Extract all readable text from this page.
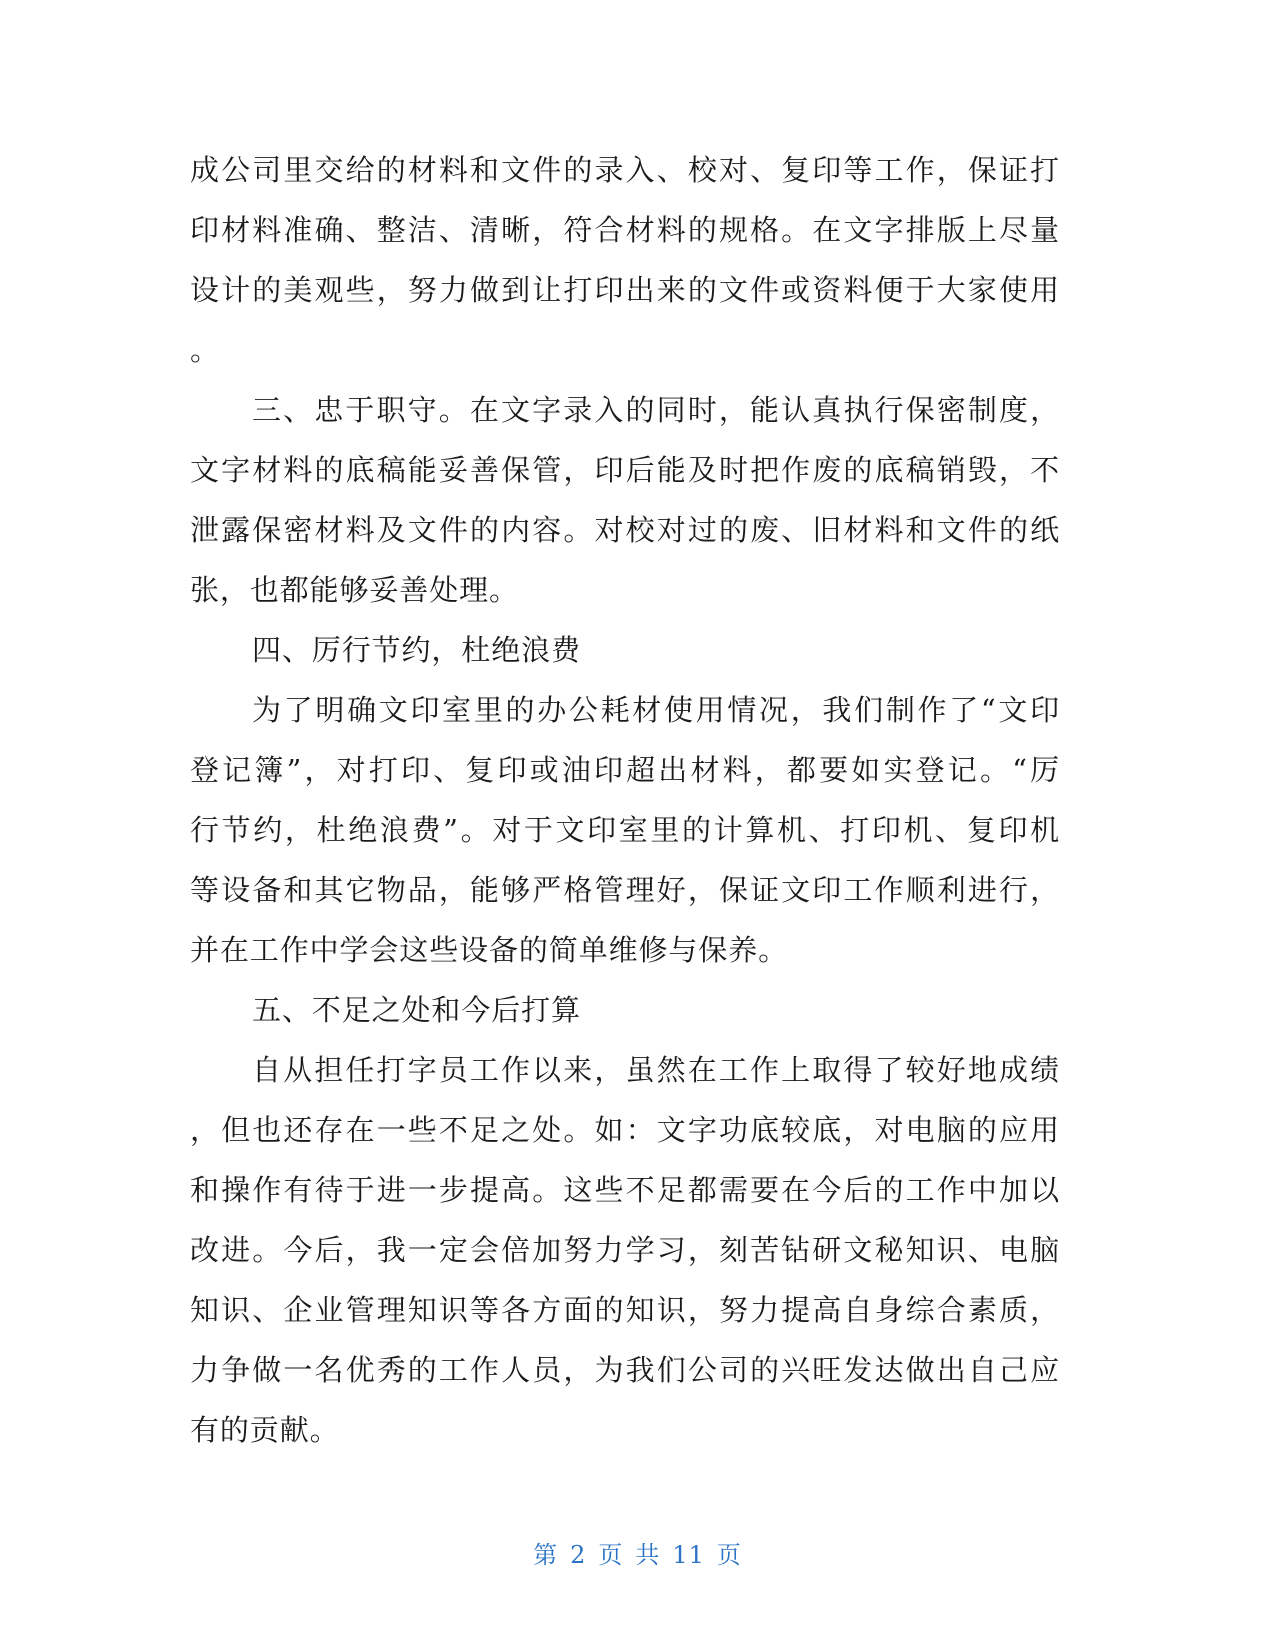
成公司里交给的材料和文件的录入、校对、复印等工作，保证打
印材料准确、整洁、清晰，符合材料的规格。在文字排版上尽量
设计的美观些，努力做到让打印出来的文件或资料便于大家使用
。
三、忠于职守。在文字录入的同时，能认真执行保密制度，
文字材料的底稿能妥善保管，印后能及时把作废的底稿销毁，不
泄露保密材料及文件的内容。对校对过的废、旧材料和文件的纸
张，也都能够妥善处理。
四、厉行节约，杜绝浪费
为了明确文印室里的办公耗材使用情况，我们制作了“文印
登记簿”，对打印、复印或油印超出材料，都要如实登记。“厉
行节约，杜绝浪费”。对于文印室里的计算机、打印机、复印机
等设备和其它物品，能够严格管理好，保证文印工作顺利进行，
并在工作中学会这些设备的简单维修与保养。
五、不足之处和今后打算
自从担任打字员工作以来，虽然在工作上取得了较好地成绩
，但也还存在一些不足之处。如：文字功底较底，对电脑的应用
和操作有待于进一步提高。这些不足都需要在今后的工作中加以
改进。今后，我一定会倍加努力学习，刻苦钻研文秘知识、电脑
知识、企业管理知识等各方面的知识，努力提高自身综合素质，
力争做一名优秀的工作人员，为我们公司的兴旺发达做出自己应
有的贡献。
第 2 页 共 11 页
